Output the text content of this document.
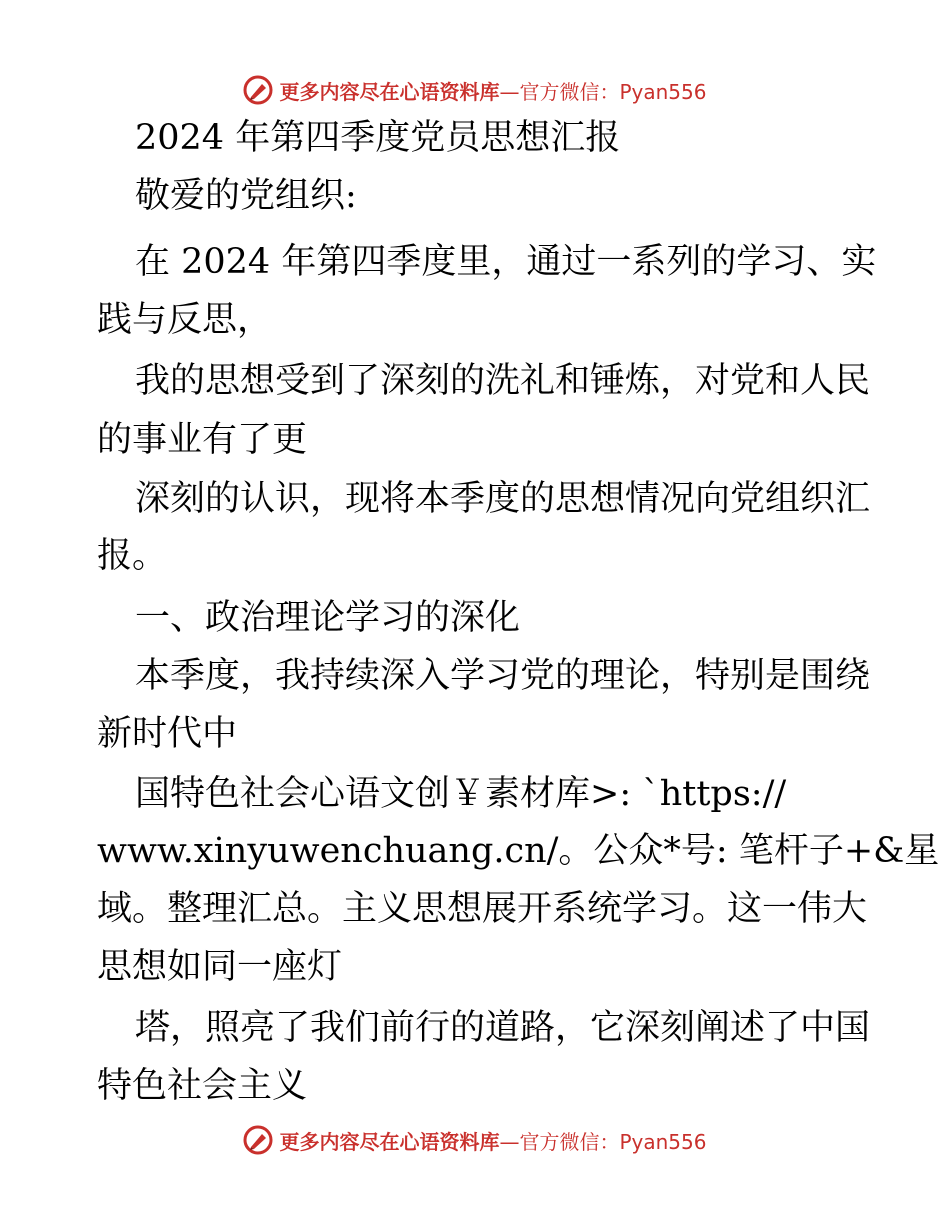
更多内容尽在心语资料库 —官方微信：Pyan556
2024 年第四季度党员思想汇报
敬爱的党组织:
在 2024 年第四季度里，通过一系列的学习、实
践与反思，
我的思想受到了深刻的洗礼和锤炼，对党和人民
的事业有了更
深刻的认识，现将本季度的思想情况向党组织汇
报。
一、政治理论学习的深化
本季度，我持续深入学习党的理论，特别是围绕
新时代中
国特色社会心语文创￥素材库>: `https://
www.xinyuwenchuang.cn/。公众*号: 笔杆子+&星
域。整理汇总。主义思想展开系统学习。这一伟大
思想如同一座灯
塔，照亮了我们前行的道路，它深刻阐述了中国
特色社会主义
更多内容尽在心语资料库 —官方微信：Pyan556
